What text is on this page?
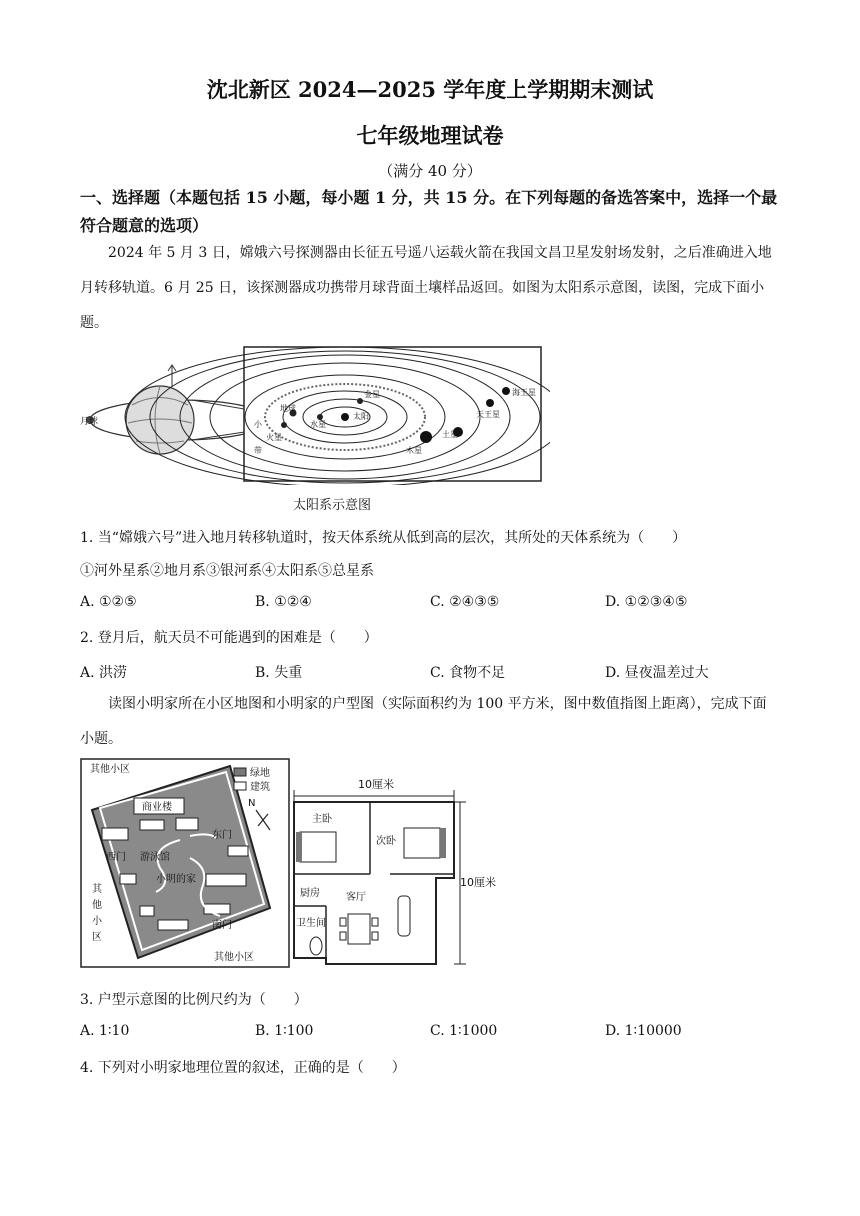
沈北新区 2024—2025 学年度上学期期末测试
七年级地理试卷
（满分 40 分）
一、选择题（本题包括 15 小题，每小题 1 分，共 15 分。在下列每题的备选答案中，选择一个最符合题意的选项）
2024 年 5 月 3 日，嫦娥六号探测器由长征五号遥八运载火箭在我国文昌卫星发射场发射，之后准确进入地月转移轨道。6 月 25 日，该探测器成功携带月球背面土壤样品返回。如图为太阳系示意图，读图，完成下面小题。
月球
太阳
水星
金星
地球
火星
小
带	木星
土星
天王星
海王星
太阳系示意图
1. 当“嫦娥六号”进入地月转移轨道时，按天体系统从低到高的层次，其所处的天体系统为（　　）
①河外星系②地月系③银河系④太阳系⑤总星系
A. ①②⑤	B. ①②④	C. ②④③⑤	D. ①②③④⑤
2. 登月后，航天员不可能遇到的困难是（　　）
A. 洪涝	B. 失重	C. 食物不足	D. 昼夜温差过大
读图小明家所在小区地图和小明家的户型图（实际面积约为 100 平方米，图中数值指图上距离），完成下面小题。
其他小区
商业楼
东门
西门 游泳馆
小明的家
南门
其他小区
其
他
小
区
绿地
建筑
N
10厘米
10厘米
主卧
次卧
厨房	客厅
卫生间
3. 户型示意图的比例尺约为（　　）
A. 1∶10	B. 1∶100	C. 1∶1000	D. 1∶10000
4. 下列对小明家地理位置的叙述，正确的是（　　）
